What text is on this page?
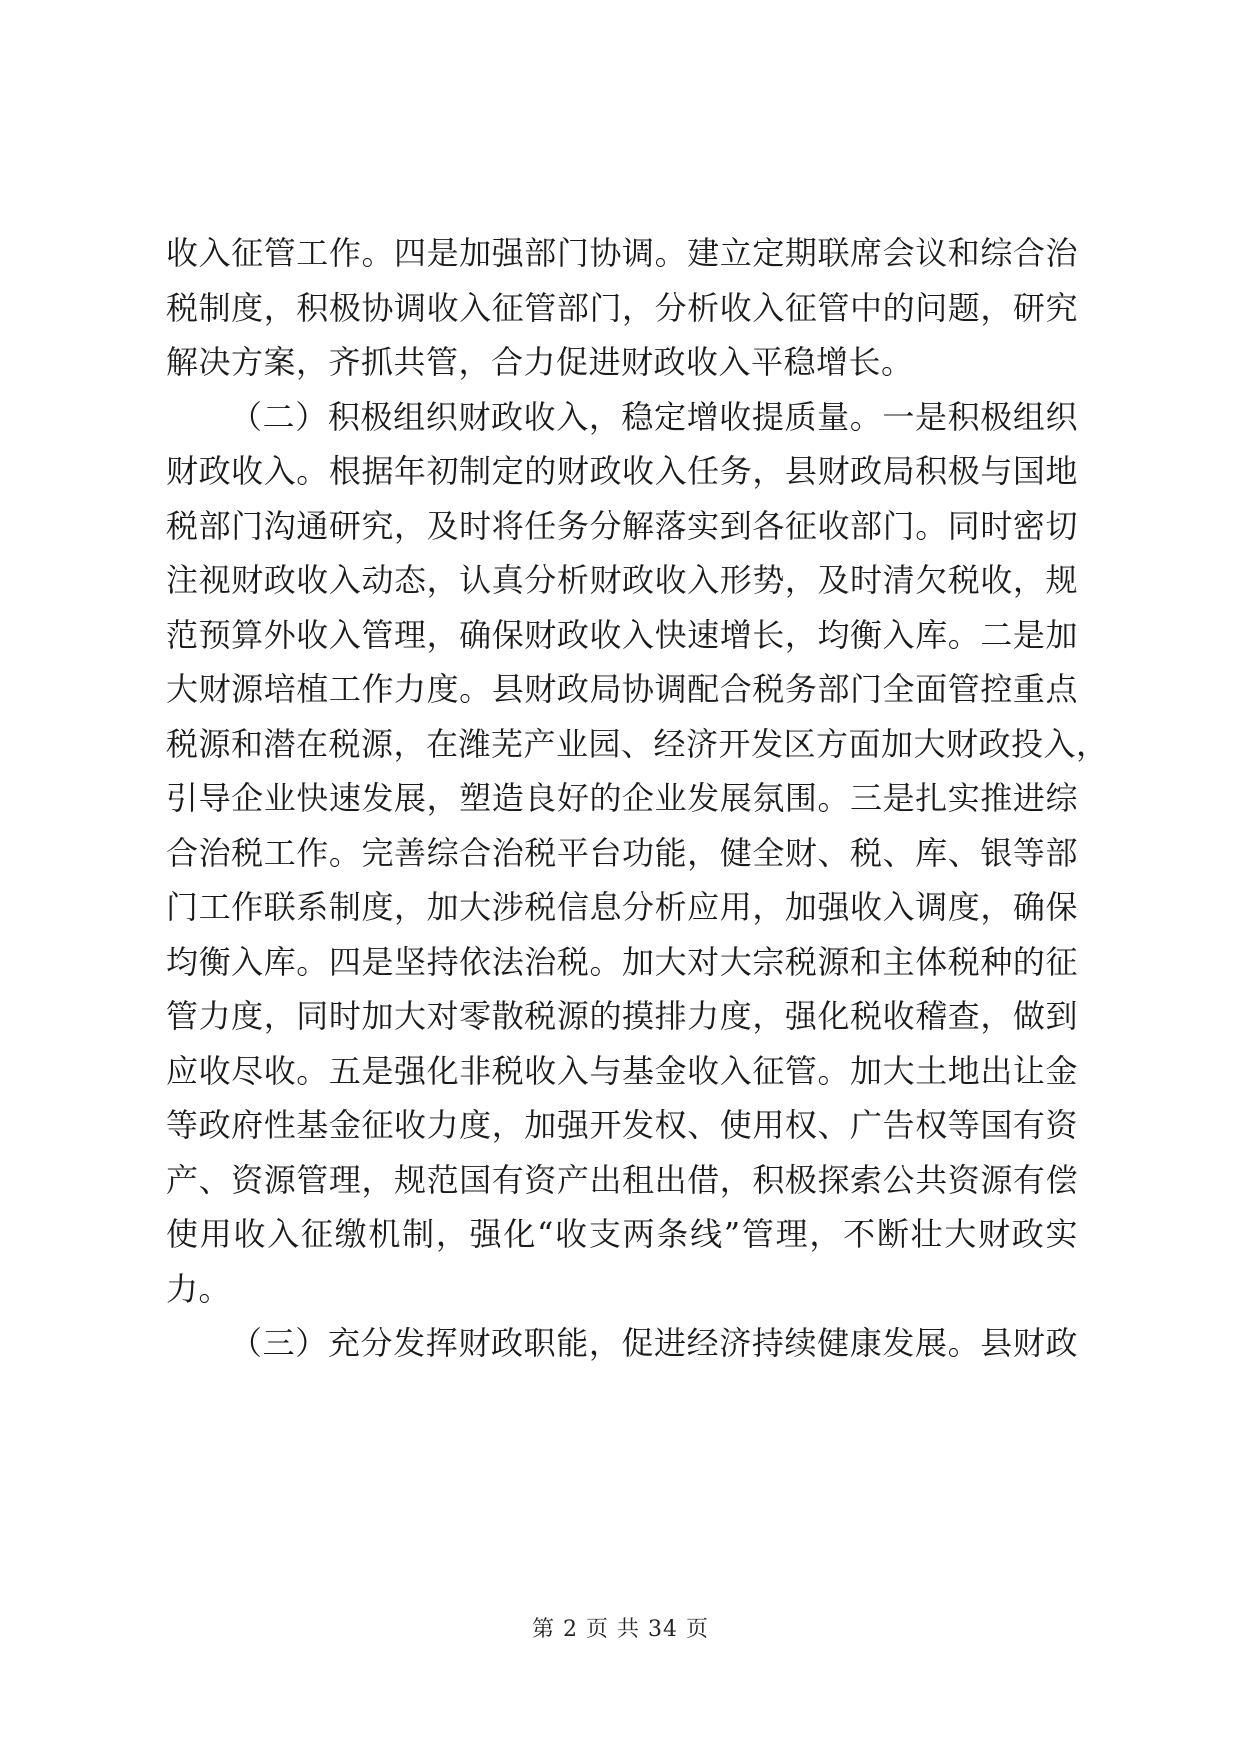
收入征管工作。四是加强部门协调。建立定期联席会议和综合治
税制度，积极协调收入征管部门，分析收入征管中的问题，研究
解决方案，齐抓共管，合力促进财政收入平稳增长。
（二）积极组织财政收入，稳定增收提质量。一是积极组织
财政收入。根据年初制定的财政收入任务，县财政局积极与国地
税部门沟通研究，及时将任务分解落实到各征收部门。同时密切
注视财政收入动态，认真分析财政收入形势，及时清欠税收，规
范预算外收入管理，确保财政收入快速增长，均衡入库。二是加
大财源培植工作力度。县财政局协调配合税务部门全面管控重点
税源和潜在税源，在潍芜产业园、经济开发区方面加大财政投入，
引导企业快速发展，塑造良好的企业发展氛围。三是扎实推进综
合治税工作。完善综合治税平台功能，健全财、税、库、银等部
门工作联系制度，加大涉税信息分析应用，加强收入调度，确保
均衡入库。四是坚持依法治税。加大对大宗税源和主体税种的征
管力度，同时加大对零散税源的摸排力度，强化税收稽查，做到
应收尽收。五是强化非税收入与基金收入征管。加大土地出让金
等政府性基金征收力度，加强开发权、使用权、广告权等国有资
产、资源管理，规范国有资产出租出借，积极探索公共资源有偿
使用收入征缴机制，强化“收支两条线”管理，不断壮大财政实
力。
（三）充分发挥财政职能，促进经济持续健康发展。县财政
第 2 页 共 34 页
